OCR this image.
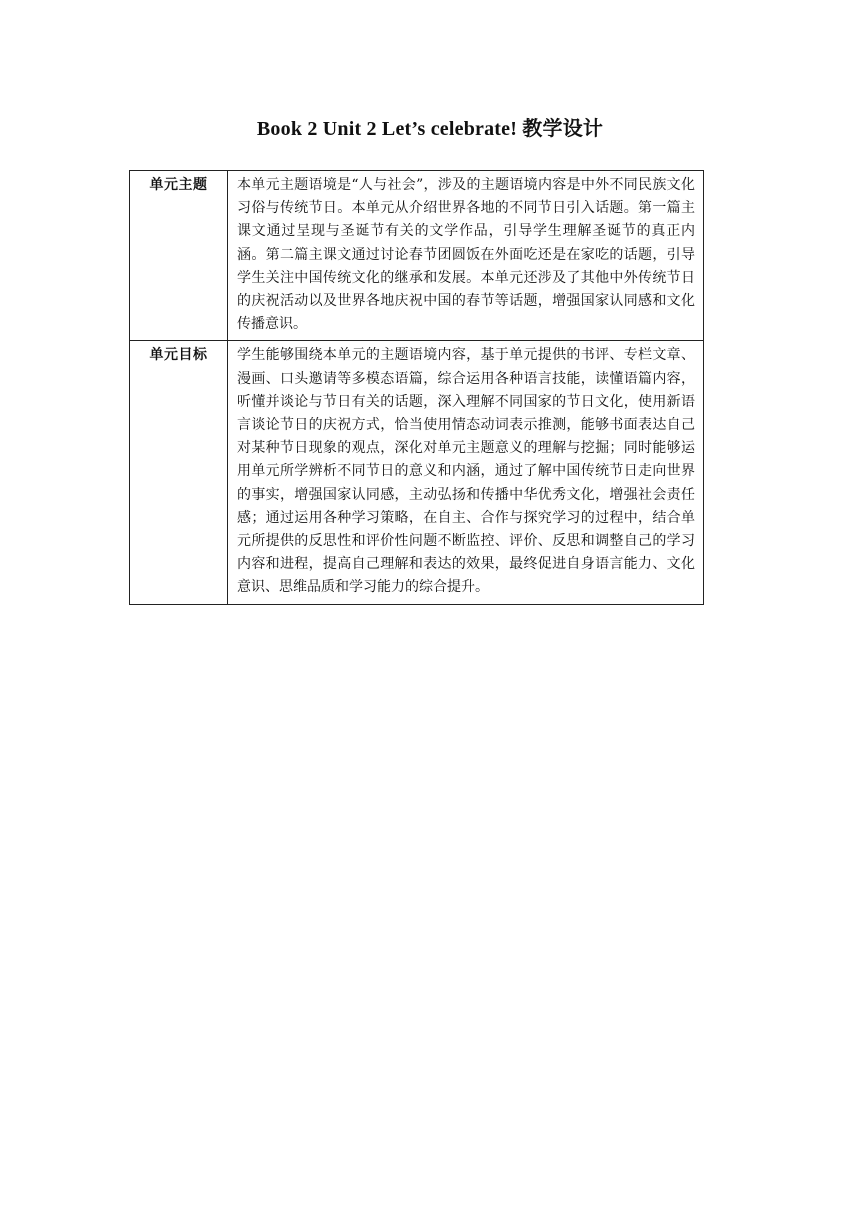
Book 2 Unit 2 Let’s celebrate! 教学设计
单元主题	本单元主题语境是“人与社会”，涉及的主题语境内容是中外不同民族文化习俗与传统节日。本单元从介绍世界各地的不同节日引入话题。第一篇主课文通过呈现与圣诞节有关的文学作品，引导学生理解圣诞节的真正内涵。第二篇主课文通过讨论春节团圆饭在外面吃还是在家吃的话题，引导学生关注中国传统文化的继承和发展。本单元还涉及了其他中外传统节日的庆祝活动以及世界各地庆祝中国的春节等话题，增强国家认同感和文化传播意识。
单元目标	学生能够围绕本单元的主题语境内容，基于单元提供的书评、专栏文章、漫画、口头邀请等多模态语篇，综合运用各种语言技能，读懂语篇内容，听懂并谈论与节日有关的话题，深入理解不同国家的节日文化，使用新语言谈论节日的庆祝方式，恰当使用情态动词表示推测，能够书面表达自己对某种节日现象的观点，深化对单元主题意义的理解与挖掘；同时能够运用单元所学辨析不同节日的意义和内涵，通过了解中国传统节日走向世界的事实，增强国家认同感，主动弘扬和传播中华优秀文化，增强社会责任感；通过运用各种学习策略，在自主、合作与探究学习的过程中，结合单元所提供的反思性和评价性问题不断监控、评价、反思和调整自己的学习内容和进程，提高自己理解和表达的效果，最终促进自身语言能力、文化意识、思维品质和学习能力的综合提升。
